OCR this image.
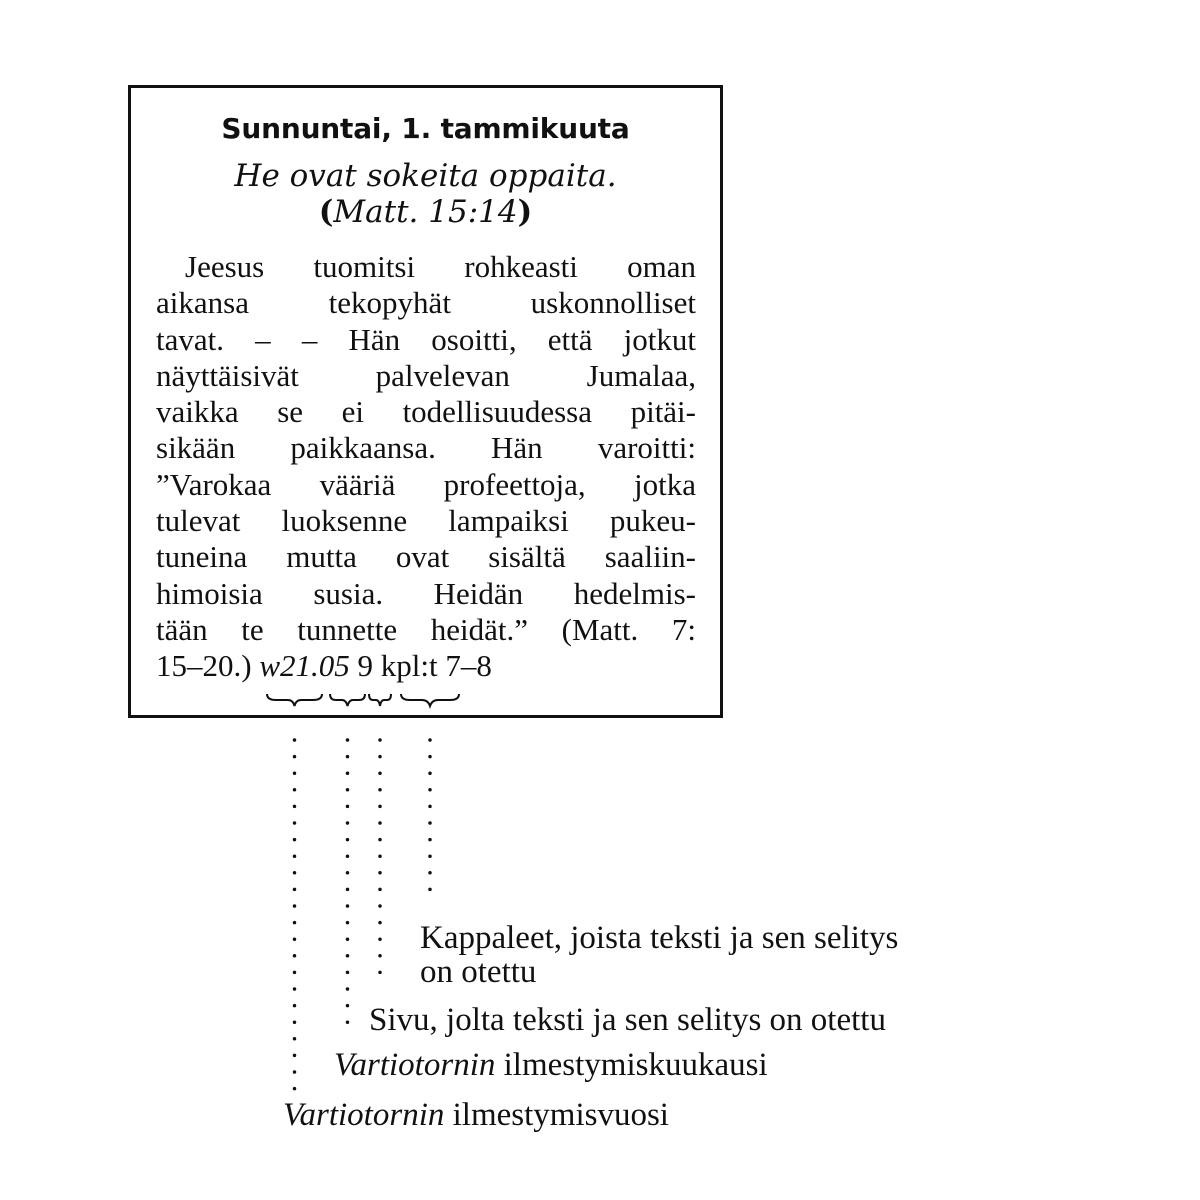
Sunnuntai, 1. tammikuuta
He ovat sokeita oppaita.
(Matt. 15:14)
Jeesus tuomitsi rohkeasti oman
aikansa tekopyhät uskonnolliset
tavat. – – Hän osoitti, että jotkut
näyttäisivät palvelevan Jumalaa,
vaikka se ei todellisuudessa pitäi-
sikään paikkaansa. Hän varoitti:
”Varokaa vääriä profeettoja, jotka
tulevat luoksenne lampaiksi pukeu-
tuneina mutta ovat sisältä saaliin-
himoisia susia. Heidän hedelmis-
tään te tunnette heidät.” (Matt. 7:
15–20.) w21.05 9 kpl:t 7–8
Kappaleet, joista teksti ja sen selitys
on otettu
Sivu, jolta teksti ja sen selitys on otettu
Vartiotornin ilmestymiskuukausi
Vartiotornin ilmestymisvuosi
